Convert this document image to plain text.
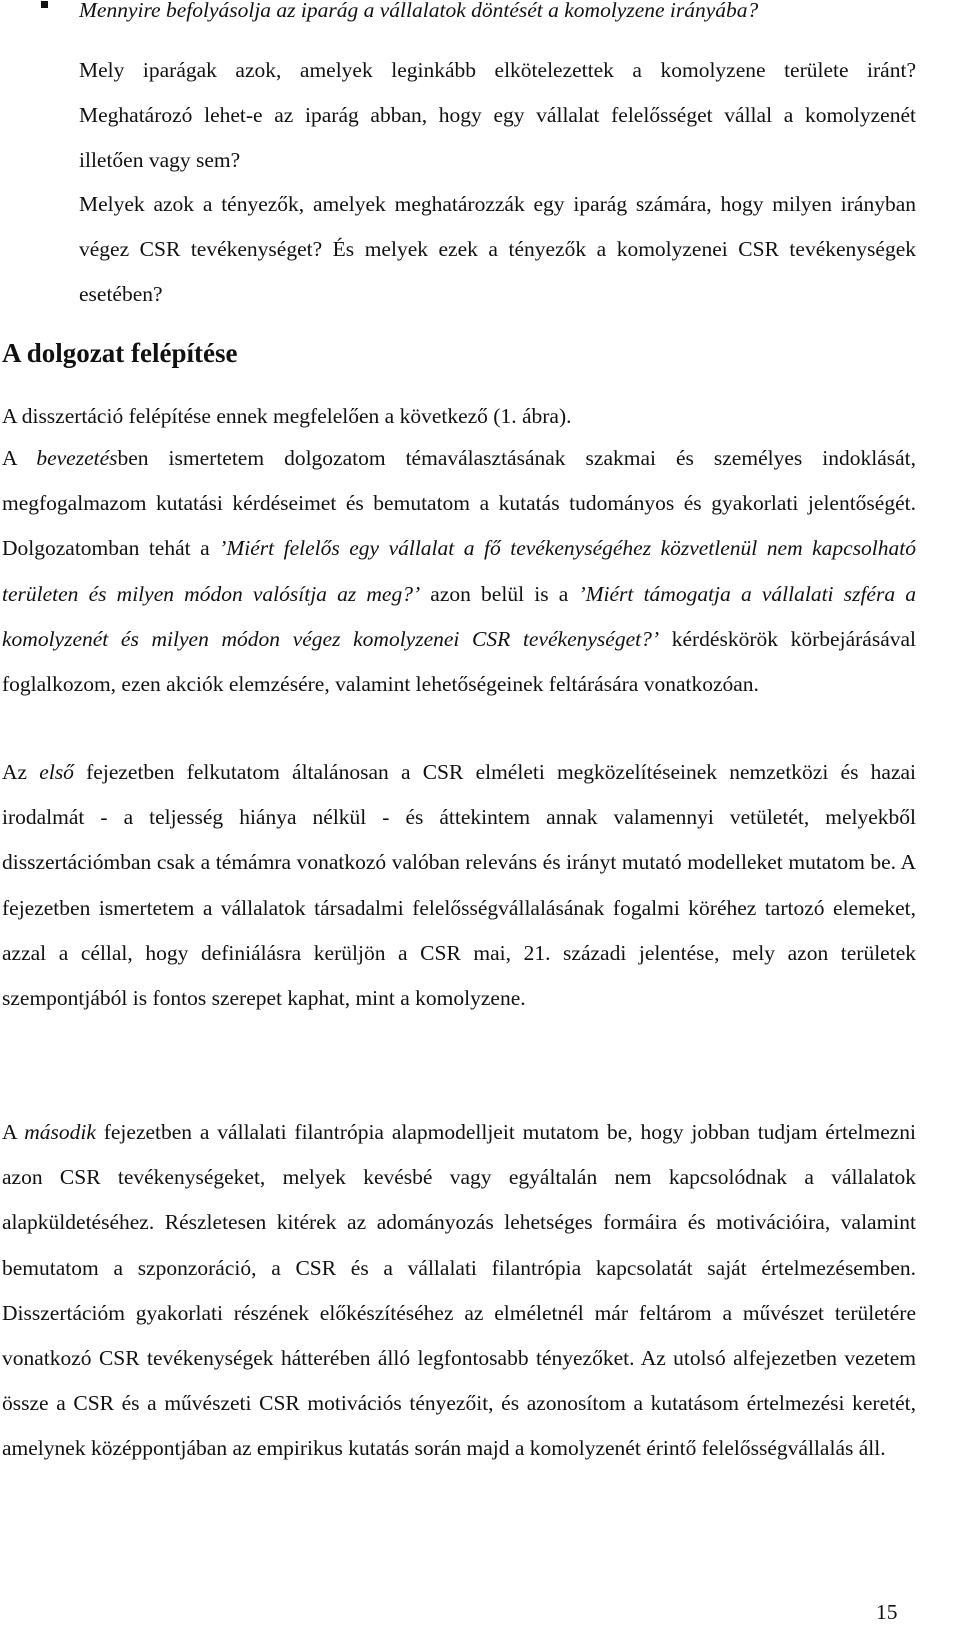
Mennyire befolyásolja az iparág a vállalatok döntését a komolyzene irányába?

Mely iparágak azok, amelyek leginkább elkötelezettek a komolyzene területe iránt? Meghatározó lehet-e az iparág abban, hogy egy vállalat felelősséget vállal a komolyzenét illetően vagy sem?

Melyek azok a tényezők, amelyek meghatározzák egy iparág számára, hogy milyen irányban végez CSR tevékenységet? És melyek ezek a tényezők a komolyzenei CSR tevékenységek esetében?

A dolgozat felépítése

A disszertáció felépítése ennek megfelelően a következő (1. ábra).

A bevezetésben ismertetem dolgozatom témaválasztásának szakmai és személyes indoklását, megfogalmazom kutatási kérdéseimet és bemutatom a kutatás tudományos és gyakorlati jelentőségét. Dolgozatomban tehát a ’Miért felelős egy vállalat a fő tevékenységéhez közvetlenül nem kapcsolható területen és milyen módon valósítja az meg?’ azon belül is a ’Miért támogatja a vállalati szféra a komolyzenét és milyen módon végez komolyzenei CSR tevékenységet?’ kérdéskörök körbejárásával foglalkozom, ezen akciók elemzésére, valamint lehetőségeinek feltárására vonatkozóan.

Az első fejezetben felkutatom általánosan a CSR elméleti megközelítéseinek nemzetközi és hazai irodalmát - a teljesség hiánya nélkül - és áttekintem annak valamennyi vetületét, melyekből disszertációmban csak a témámra vonatkozó valóban releváns és irányt mutató modelleket mutatom be. A fejezetben ismertetem a vállalatok társadalmi felelősségvállalásának fogalmi köréhez tartozó elemeket, azzal a céllal, hogy definiálásra kerüljön a CSR mai, 21. századi jelentése, mely azon területek szempontjából is fontos szerepet kaphat, mint a komolyzene.

A második fejezetben a vállalati filantrópia alapmodelljeit mutatom be, hogy jobban tudjam értelmezni azon CSR tevékenységeket, melyek kevésbé vagy egyáltalán nem kapcsolódnak a vállalatok alapküldetéséhez. Részletesen kitérek az adományozás lehetséges formáira és motivációira, valamint bemutatom a szponzoráció, a CSR és a vállalati filantrópia kapcsolatát saját értelmezésemben. Disszertációm gyakorlati részének előkészítéséhez az elméletnél már feltárom a művészet területére vonatkozó CSR tevékenységek hátterében álló legfontosabb tényezőket. Az utolsó alfejezetben vezetem össze a CSR és a művészeti CSR motivációs tényezőit, és azonosítom a kutatásom értelmezési keretét, amelynek középpontjában az empirikus kutatás során majd a komolyzenét érintő felelősségvállalás áll.

15
